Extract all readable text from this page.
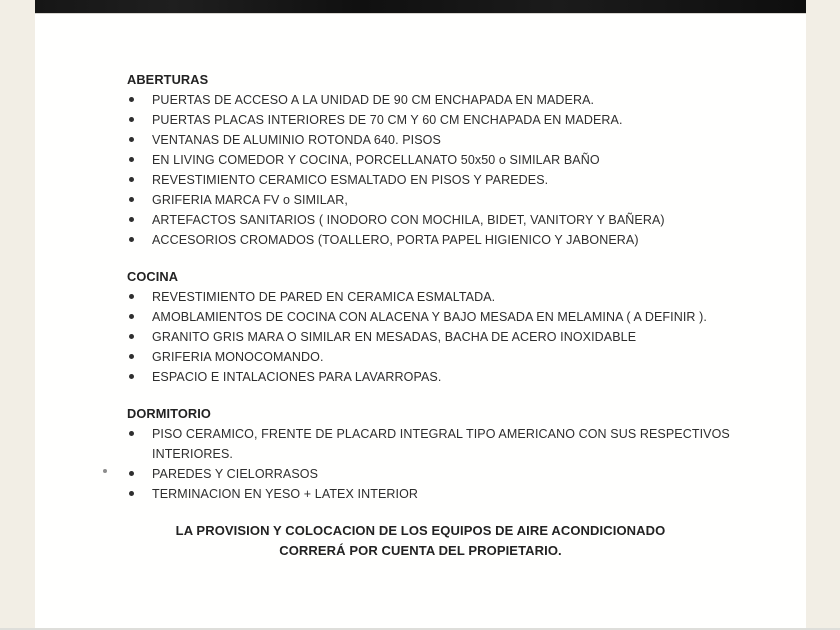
ABERTURAS
PUERTAS DE ACCESO A LA UNIDAD DE 90 CM ENCHAPADA EN MADERA.
PUERTAS PLACAS INTERIORES DE 70 CM Y 60 CM ENCHAPADA EN MADERA.
VENTANAS DE ALUMINIO ROTONDA 640. PISOS
EN LIVING COMEDOR Y COCINA, PORCELLANATO 50x50 o SIMILAR BAÑO
REVESTIMIENTO CERAMICO ESMALTADO EN PISOS Y PAREDES.
GRIFERIA MARCA FV o SIMILAR,
ARTEFACTOS SANITARIOS ( INODORO CON MOCHILA, BIDET, VANITORY Y BAÑERA)
ACCESORIOS CROMADOS (TOALLERO, PORTA PAPEL HIGIENICO Y JABONERA)
COCINA
REVESTIMIENTO DE PARED EN CERAMICA ESMALTADA.
AMOBLAMIENTOS DE COCINA CON ALACENA Y BAJO MESADA EN MELAMINA ( A DEFINIR ).
GRANITO GRIS MARA O SIMILAR EN MESADAS, BACHA DE ACERO INOXIDABLE
GRIFERIA MONOCOMANDO.
ESPACIO E INTALACIONES PARA LAVARROPAS.
DORMITORIO
PISO CERAMICO, FRENTE DE PLACARD INTEGRAL TIPO AMERICANO CON SUS RESPECTIVOS INTERIORES.
PAREDES Y CIELORRASOS
TERMINACION EN YESO + LATEX INTERIOR
LA PROVISION Y COLOCACION DE LOS EQUIPOS DE AIRE ACONDICIONADO
CORRERÁ POR CUENTA DEL PROPIETARIO.
